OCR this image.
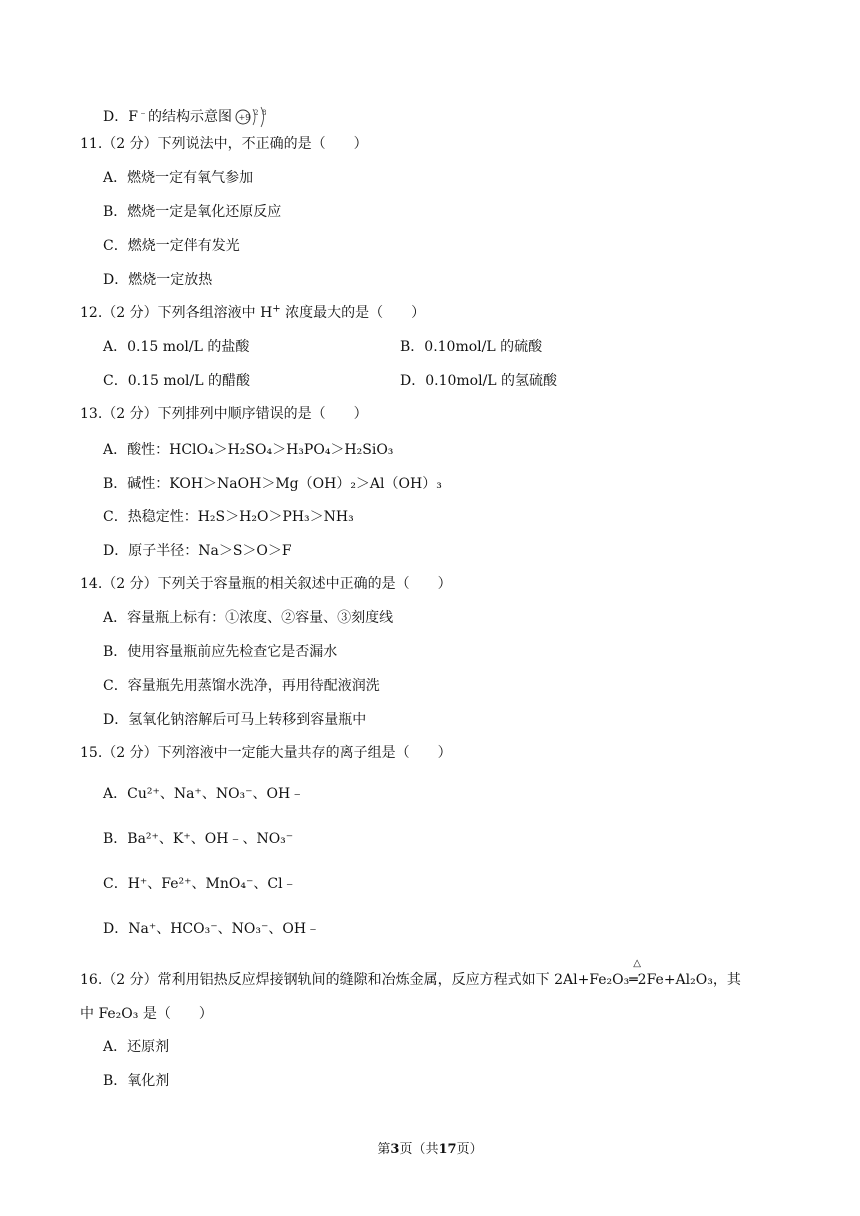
D．F﹣的结构示意图 +9 2 8
11.（2 分）下列说法中，不正确的是（　　）
A．燃烧一定有氧气参加
B．燃烧一定是氧化还原反应
C．燃烧一定伴有发光
D．燃烧一定放热
12.（2 分）下列各组溶液中 H+ 浓度最大的是（　　）
A．0.15 mol/L 的盐酸	B．0.10mol/L 的硫酸
C．0.15 mol/L 的醋酸	D．0.10mol/L 的氢硫酸
13.（2 分）下列排列中顺序错误的是（　　）
A．酸性：HClO₄＞H₂SO₄＞H₃PO₄＞H₂SiO₃
B．碱性：KOH＞NaOH＞Mg（OH）₂＞Al（OH）₃
C．热稳定性：H₂S＞H₂O＞PH₃＞NH₃
D．原子半径：Na＞S＞O＞F
14.（2 分）下列关于容量瓶的相关叙述中正确的是（　　）
A．容量瓶上标有：①浓度、②容量、③刻度线
B．使用容量瓶前应先检查它是否漏水
C．容量瓶先用蒸馏水洗净，再用待配液润洗
D．氢氧化钠溶解后可马上转移到容量瓶中
15.（2 分）下列溶液中一定能大量共存的离子组是（　　）
A．Cu²⁺、Na⁺、NO₃⁻、OH﹣
B．Ba²⁺、K⁺、OH﹣、NO₃⁻
C．H⁺、Fe²⁺、MnO₄⁻、Cl﹣
D．Na⁺、HCO₃⁻、NO₃⁻、OH﹣
16.（2 分）常利用铝热反应焊接钢轨间的缝隙和冶炼金属，反应方程式如下 2Al+Fe₂O₃
△
═2Fe+Al₂O₃，其
中 Fe₂O₃ 是（　　）
A．还原剂
B．氧化剂
第3页（共17页）
